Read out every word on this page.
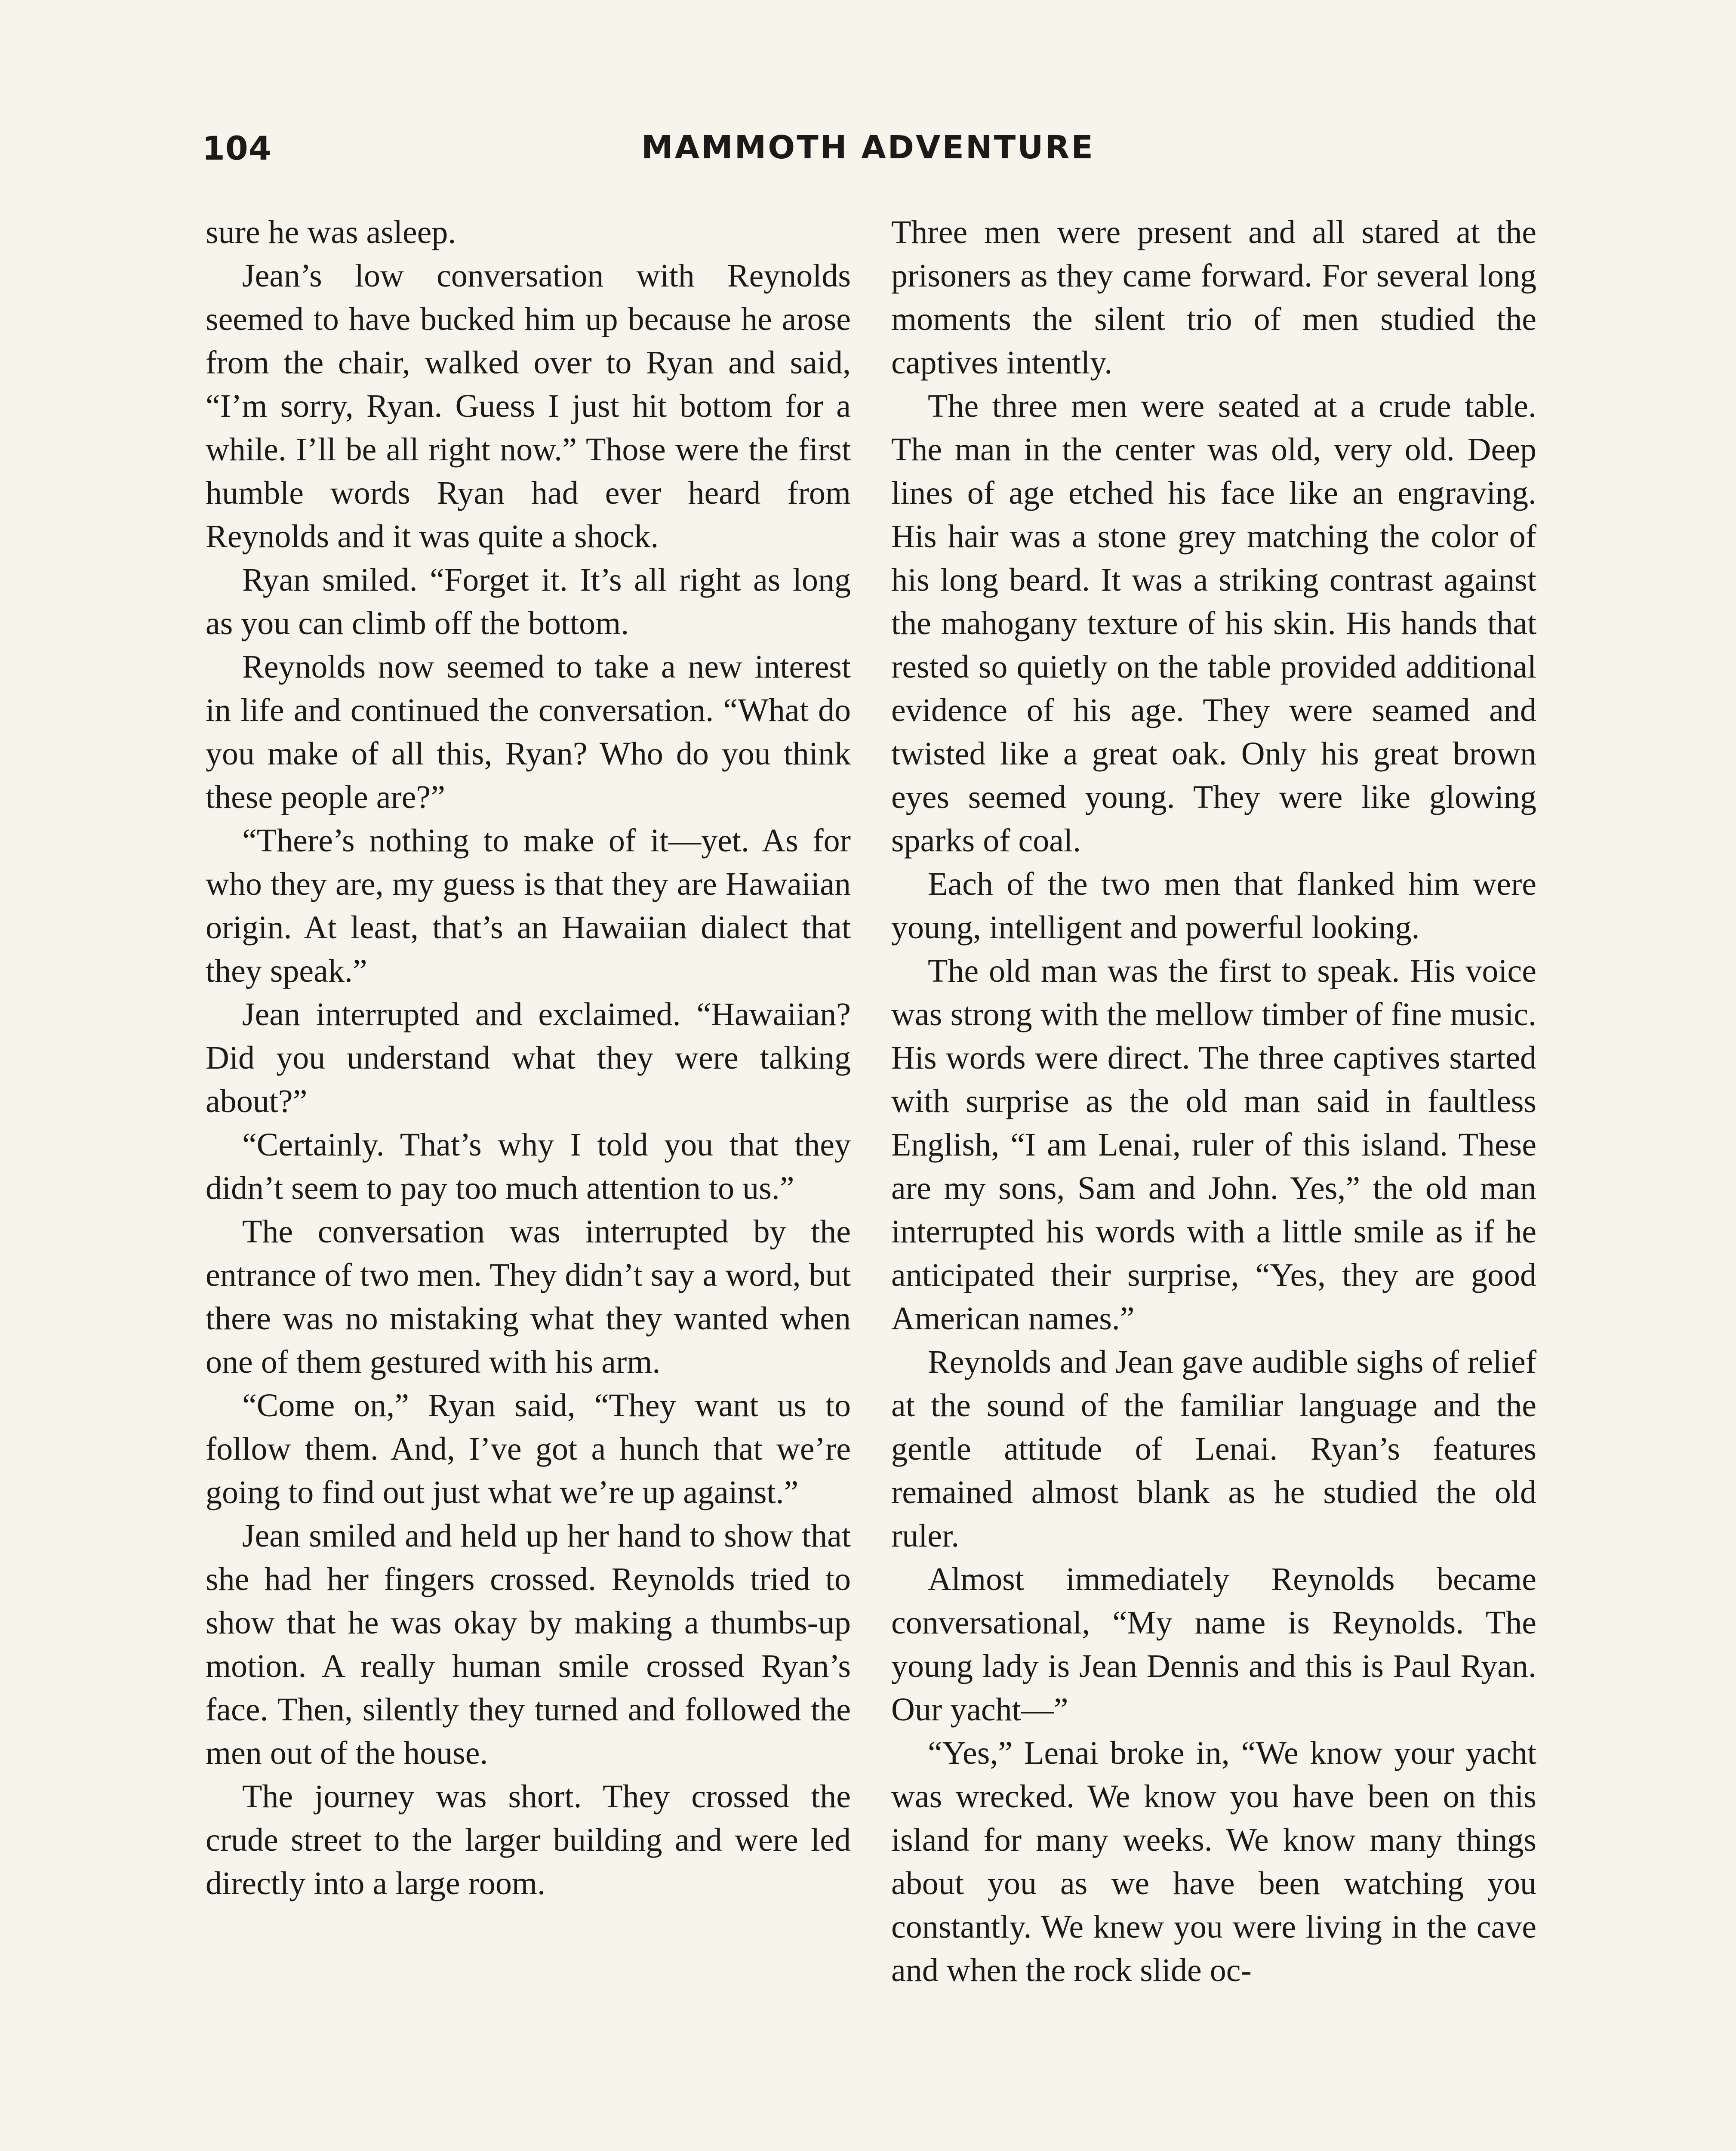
104	MAMMOTH ADVENTURE

sure he was asleep.

Jean’s low conversation with Reynolds seemed to have bucked him up because he arose from the chair, walked over to Ryan and said, “I’m sorry, Ryan. Guess I just hit bottom for a while. I’ll be all right now.” Those were the first humble words Ryan had ever heard from Reynolds and it was quite a shock.

Ryan smiled. “Forget it. It’s all right as long as you can climb off the bottom.

Reynolds now seemed to take a new interest in life and continued the conversation. “What do you make of all this, Ryan? Who do you think these people are?”

“There’s nothing to make of it—yet. As for who they are, my guess is that they are Hawaiian origin. At least, that’s an Hawaiian dialect that they speak.”

Jean interrupted and exclaimed. “Hawaiian? Did you understand what they were talking about?”

“Certainly. That’s why I told you that they didn’t seem to pay too much attention to us.”

The conversation was interrupted by the entrance of two men. They didn’t say a word, but there was no mistaking what they wanted when one of them gestured with his arm.

“Come on,” Ryan said, “They want us to follow them. And, I’ve got a hunch that we’re going to find out just what we’re up against.”

Jean smiled and held up her hand to show that she had her fingers crossed. Reynolds tried to show that he was okay by making a thumbs-up motion. A really human smile crossed Ryan’s face. Then, silently they turned and followed the men out of the house.

The journey was short. They crossed the crude street to the larger building and were led directly into a large room.

Three men were present and all stared at the prisoners as they came forward. For several long moments the silent trio of men studied the captives intently.

The three men were seated at a crude table. The man in the center was old, very old. Deep lines of age etched his face like an engraving. His hair was a stone grey matching the color of his long beard. It was a striking contrast against the mahogany texture of his skin. His hands that rested so quietly on the table provided additional evidence of his age. They were seamed and twisted like a great oak. Only his great brown eyes seemed young. They were like glowing sparks of coal.

Each of the two men that flanked him were young, intelligent and powerful looking.

The old man was the first to speak. His voice was strong with the mellow timber of fine music. His words were direct. The three captives started with surprise as the old man said in faultless English, “I am Lenai, ruler of this island. These are my sons, Sam and John. Yes,” the old man interrupted his words with a little smile as if he anticipated their surprise, “Yes, they are good American names.”

Reynolds and Jean gave audible sighs of relief at the sound of the familiar language and the gentle attitude of Lenai. Ryan’s features remained almost blank as he studied the old ruler.

Almost immediately Reynolds became conversational, “My name is Reynolds. The young lady is Jean Dennis and this is Paul Ryan. Our yacht—”

“Yes,” Lenai broke in, “We know your yacht was wrecked. We know you have been on this island for many weeks. We know many things about you as we have been watching you constantly. We knew you were living in the cave and when the rock slide oc-
